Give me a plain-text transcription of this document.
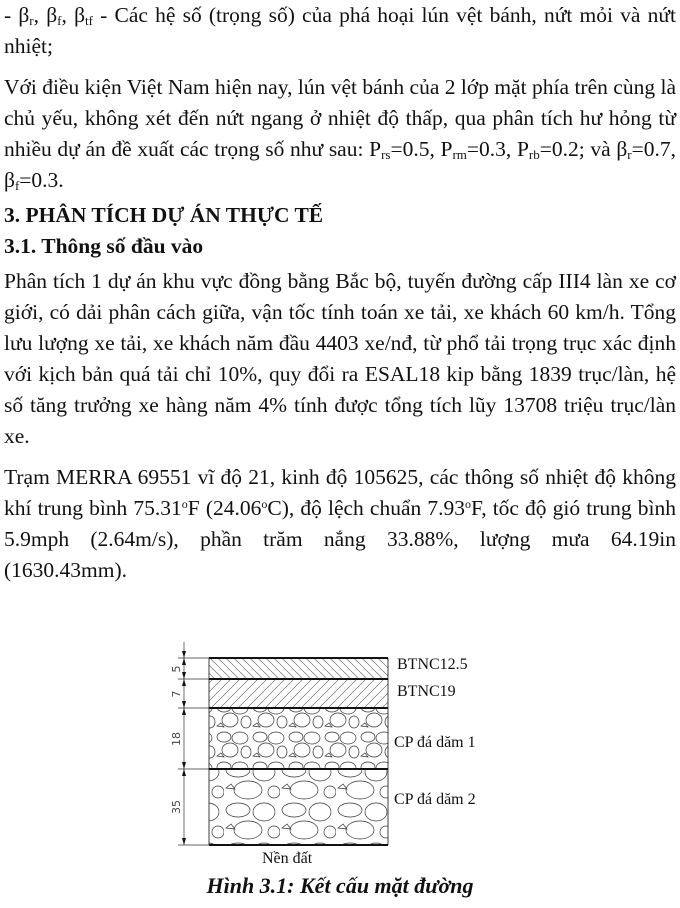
- $\beta_r$, $\beta_f$, $\beta_{tf}$ - Các hệ số (trọng số) của phá hoại lún vệt bánh, nứt mỏi và nứt nhiệt;

Với điều kiện Việt Nam hiện nay, lún vệt bánh của 2 lớp mặt phía trên cùng là chủ yếu, không xét đến nứt ngang ở nhiệt độ thấp, qua phân tích hư hỏng từ nhiều dự án đề xuất các trọng số như sau: $P_{rs}=0.5$, $P_{rm}=0.3$, $P_{rb}=0.2$; và $\beta_r=0.7$, $\beta_f=0.3$.

3. PHÂN TÍCH DỰ ÁN THỰC TẾ
3.1. Thông số đầu vào

Phân tích 1 dự án khu vực đồng bằng Bắc bộ, tuyến đường cấp III4 làn xe cơ giới, có dải phân cách giữa, vận tốc tính toán xe tải, xe khách 60 km/h. Tổng lưu lượng xe tải, xe khách năm đầu 4403 xe/nđ, từ phổ tải trọng trục xác định với kịch bản quá tải chỉ 10%, quy đổi ra ESAL18 kip bằng 1839 trục/làn, hệ số tăng trưởng xe hàng năm 4% tính được tổng tích lũy 13708 triệu trục/làn xe.

Trạm MERRA 69551 vĩ độ 21, kinh độ 105625, các thông số nhiệt độ không khí trung bình 75.31$^o$F (24.06$^o$C), độ lệch chuẩn 7.93$^o$F, tốc độ gió trung bình 5.9mph (2.64m/s), phần trăm nắng 33.88%, lượng mưa 64.19in (1630.43mm).

5
7
18
35
BTNC12.5
BTNC19
CP đá dăm 1
CP đá dăm 2
Nền đất
Hình 3.1: Kết cấu mặt đường
